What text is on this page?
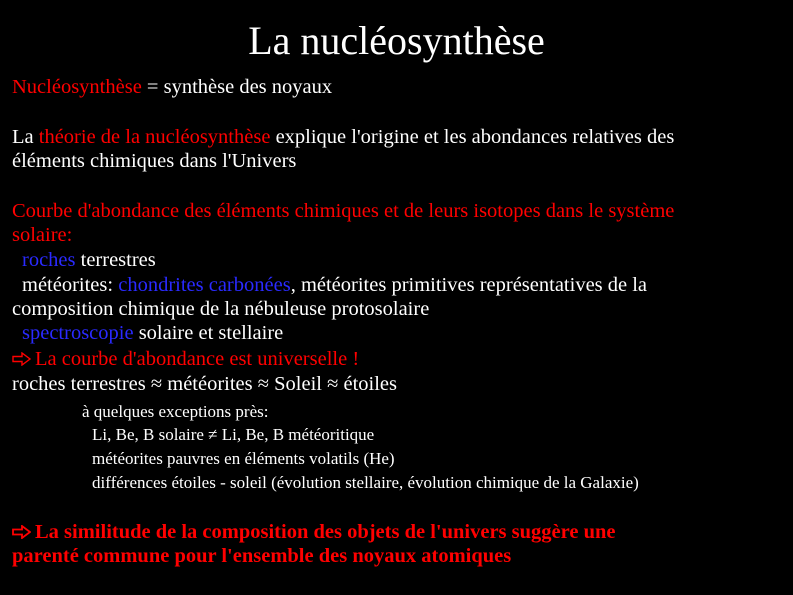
La nucléosynthèse
Nucléosynthèse = synthèse des noyaux
La théorie de la nucléosynthèse explique l'origine et les abondances relatives des
éléments chimiques dans l'Univers
Courbe d'abondance des éléments chimiques et de leurs isotopes dans le système
solaire:
roches terrestres
météorites: chondrites carbonées, météorites primitives représentatives de la
composition chimique de la nébuleuse protosolaire
spectroscopie solaire et stellaire
La courbe d'abondance est universelle !
roches terrestres ≈ météorites ≈ Soleil ≈ étoiles
à quelques exceptions près:
Li, Be, B solaire ≠ Li, Be, B météoritique
météorites pauvres en éléments volatils (He)
différences étoiles - soleil (évolution stellaire, évolution chimique de la Galaxie)
La similitude de la composition des objets de l'univers suggère une
parenté commune pour l'ensemble des noyaux atomiques
